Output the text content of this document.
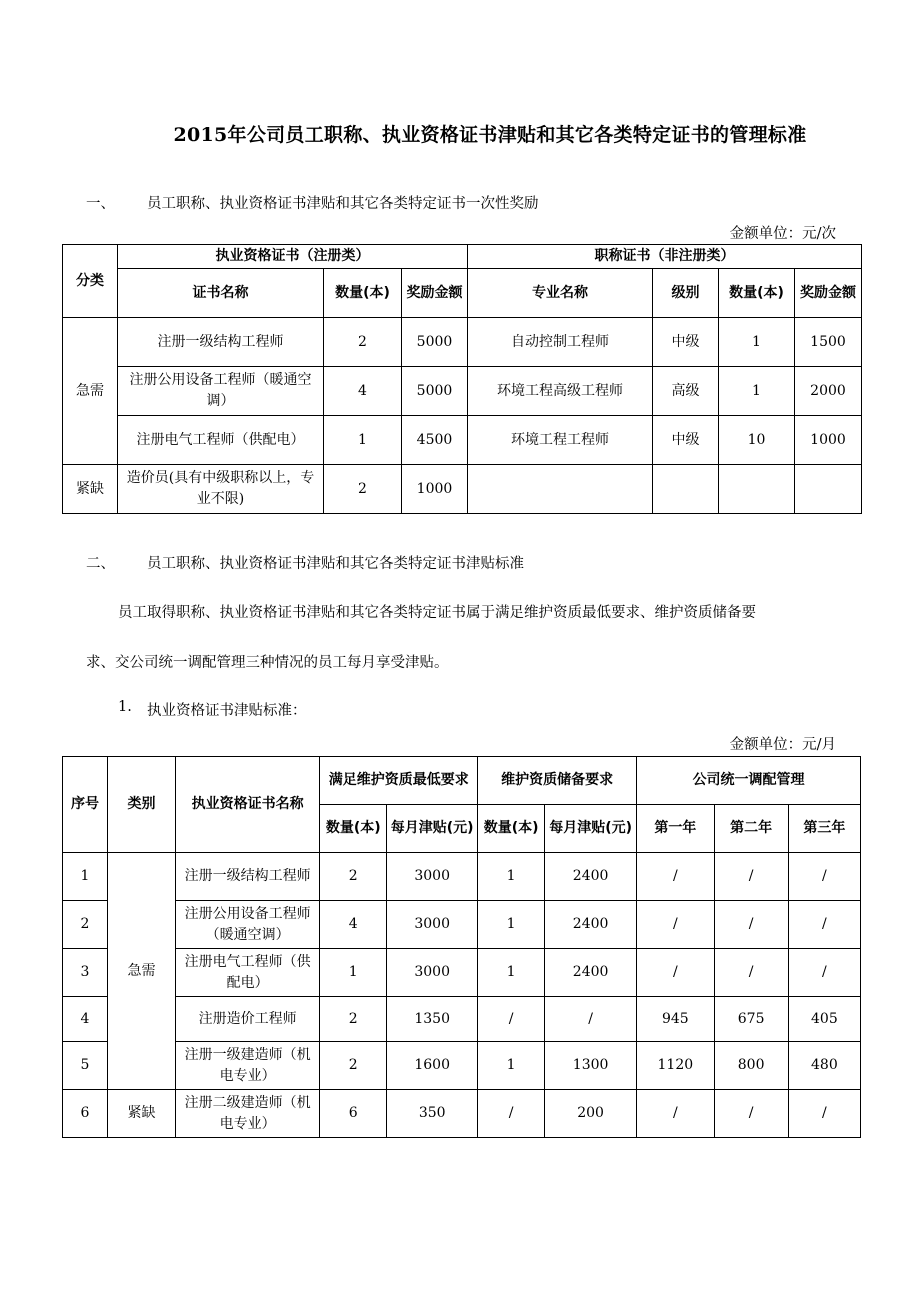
2015年公司员工职称、执业资格证书津贴和其它各类特定证书的管理标准
一、 员工职称、执业资格证书津贴和其它各类特定证书一次性奖励
金额单位：元/次
分类	执业资格证书（注册类）			职称证书（非注册类）			
	证书名称	数量(本)	奖励金额	专业名称	级别	数量(本)	奖励金额
急需	注册一级结构工程师	2	5000	自动控制工程师	中级	1	1500
	注册公用设备工程师（暖通空调）	4	5000	环境工程高级工程师	高级	1	2000
	注册电气工程师（供配电）	1	4500	环境工程工程师	中级	10	1000
紧缺	造价员(具有中级职称以上，专业不限)	2	1000				
二、 员工职称、执业资格证书津贴和其它各类特定证书津贴标准
员工取得职称、执业资格证书津贴和其它各类特定证书属于满足维护资质最低要求、维护资质储备要
求、交公司统一调配管理三种情况的员工每月享受津贴。
1. 执业资格证书津贴标准：
金额单位：元/月
序号	类别	执业资格证书名称	满足维护资质最低要求		维护资质储备要求		公司统一调配管理		
			数量(本)	每月津贴(元)	数量(本)	每月津贴(元)	第一年	第二年	第三年
1	急需	注册一级结构工程师	2	3000	1	2400	/	/	/
2		注册公用设备工程师（暖通空调）	4	3000	1	2400	/	/	/
3		注册电气工程师（供配电）	1	3000	1	2400	/	/	/
4		注册造价工程师	2	1350	/	/	945	675	405
5		注册一级建造师（机电专业）	2	1600	1	1300	1120	800	480
6	紧缺	注册二级建造师（机电专业）	6	350	/	200	/	/	/
